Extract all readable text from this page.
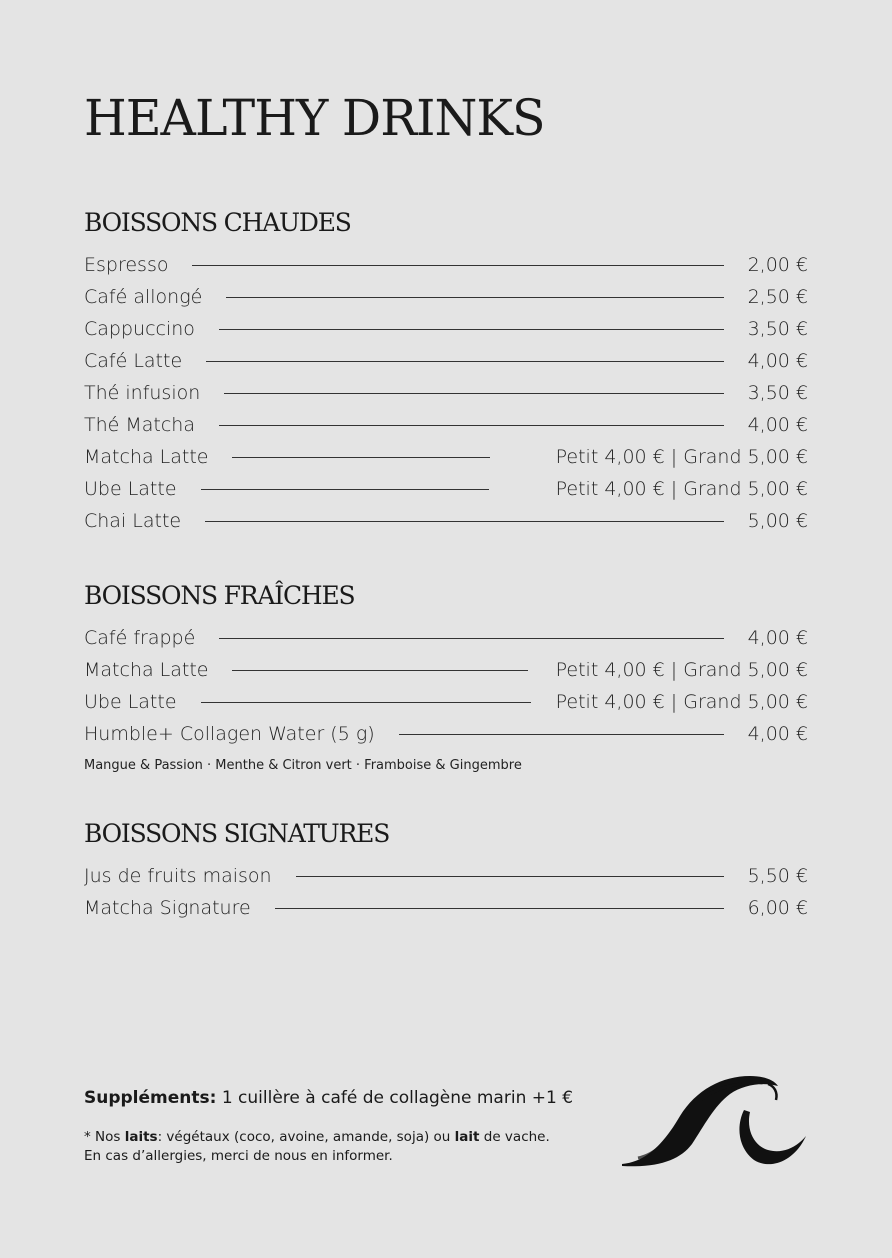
HEALTHY DRINKS
BOISSONS CHAUDES
Espresso	2,00 €
Café allongé	2,50 €
Cappuccino	3,50 €
Café Latte	4,00 €
Thé infusion	3,50 €
Thé Matcha	4,00 €
Matcha Latte	Petit 4,00 € | Grand 5,00 €
Ube Latte	Petit 4,00 € | Grand 5,00 €
Chai Latte	5,00 €
BOISSONS FRAÎCHES
Café frappé	4,00 €
Matcha Latte	Petit 4,00 € | Grand 5,00 €
Ube Latte	Petit 4,00 € | Grand 5,00 €
Humble+ Collagen Water (5 g)	4,00 €
Mangue & Passion · Menthe & Citron vert · Framboise & Gingembre
BOISSONS SIGNATURES
Jus de fruits maison	5,50 €
Matcha Signature	6,00 €
Suppléments: 1 cuillère à café de collagène marin +1 €
* Nos laits: végétaux (coco, avoine, amande, soja) ou lait de vache.
En cas d’allergies, merci de nous en informer.
